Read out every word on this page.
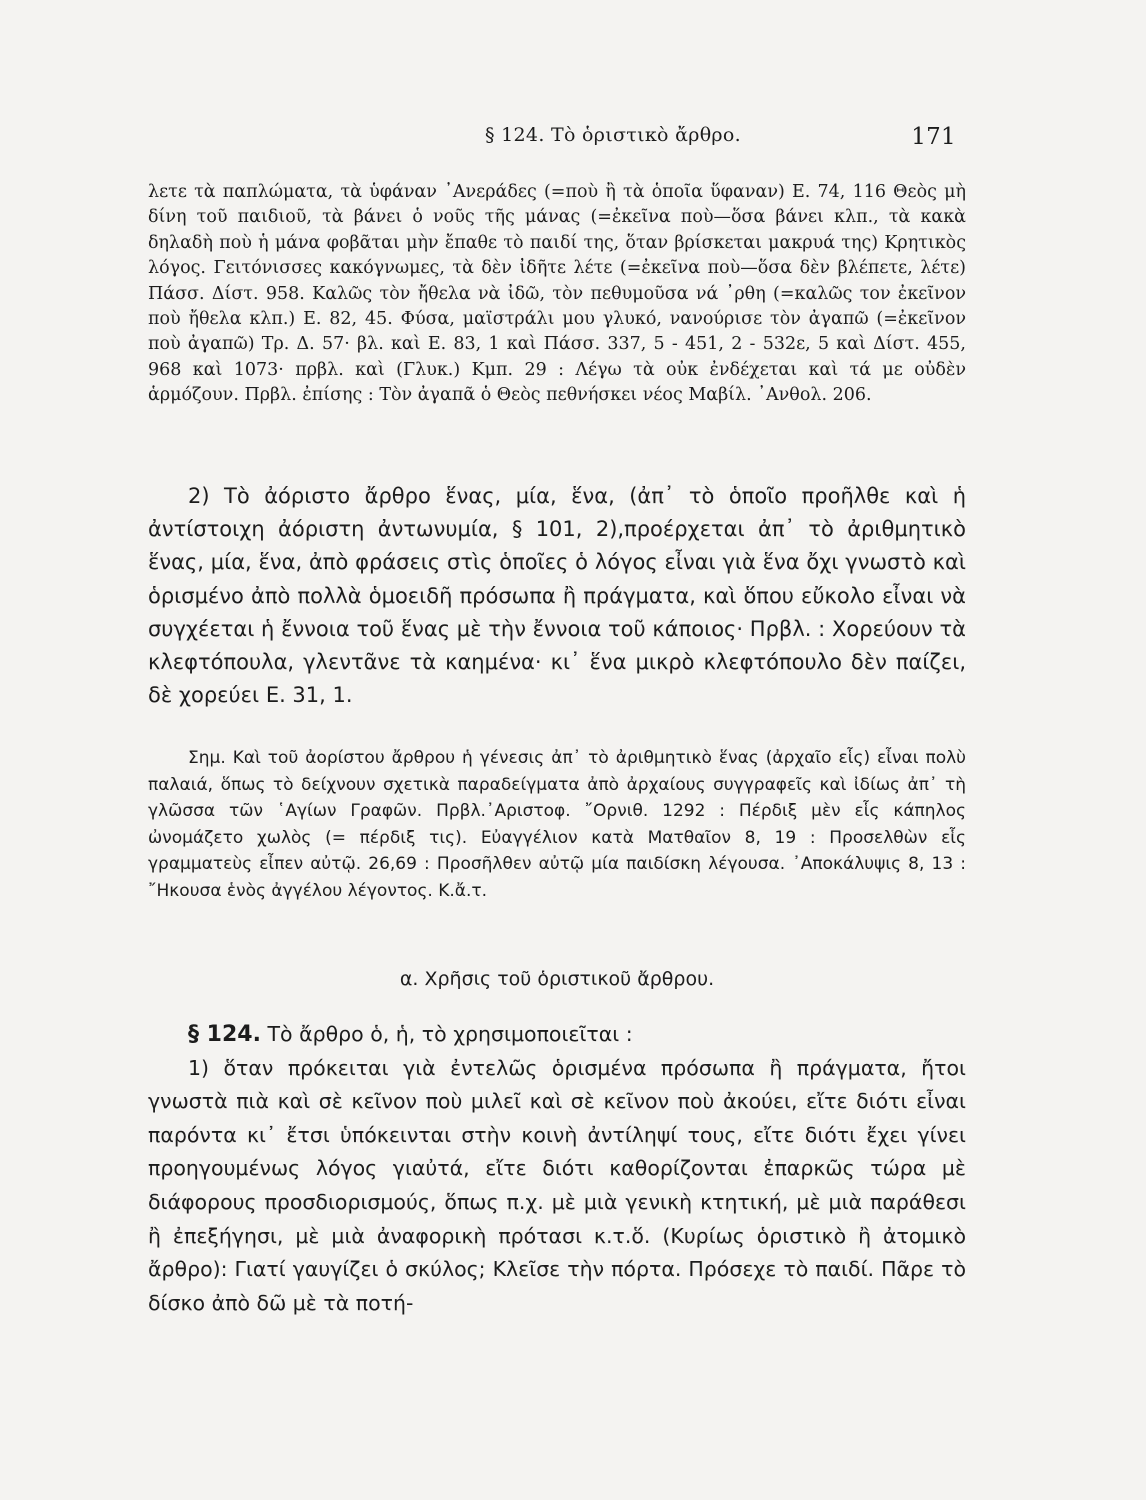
§ 124. Τὸ ὁριστικὸ ἄρθρο.	171

λετε τὰ παπλώματα, τὰ ὑφάναν ᾿Ανεράδες (=ποὺ ἢ τὰ ὁποῖα ὕφαναν) Ε. 74, 116 Θεὸς μὴ δίνη τοῦ παιδιοῦ, τὰ βάνει ὁ νοῦς τῆς μάνας (=ἐκεῖνα ποὺ—ὅσα βάνει κλπ., τὰ κακὰ δηλαδὴ ποὺ ἡ μάνα φοβᾶται μὴν ἔπαθε τὸ παιδί της, ὅταν βρίσκεται μακρυά της) Κρητικὸς λόγος. Γειτόνισσες κακόγνωμες, τὰ δὲν ἰδῆτε λέτε (=ἐκεῖνα ποὺ—ὅσα δὲν βλέπετε, λέτε) Πάσσ. Δίστ. 958. Καλῶς τὸν ἤθελα νὰ ἰδῶ, τὸν πεθυμοῦσα νά ᾿ρθη (=καλῶς τον ἐκεῖνον ποὺ ἤθελα κλπ.) Ε. 82, 45. Φύσα, μαϊστράλι μου γλυκό, νανούρισε τὸν ἀγαπῶ (=ἐκεῖνον ποὺ ἀγαπῶ) Τρ. Δ. 57· βλ. καὶ Ε. 83, 1 καὶ Πάσσ. 337, 5 - 451, 2 - 532ε, 5 καὶ Δίστ. 455, 968 καὶ 1073· πρβλ. καὶ (Γλυκ.) Κμπ. 29 : Λέγω τὰ οὐκ ἐνδέχεται καὶ τά με οὐδὲν ἁρμόζουν. Πρβλ. ἐπίσης : Τὸν ἀγαπᾶ ὁ Θεὸς πεθνήσκει νέος Μαβίλ. ᾿Ανθολ. 206.

2) Τὸ ἀόριστο ἄρθρο ἕνας, μία, ἕνα, (ἀπ᾿ τὸ ὁποῖο προῆλθε καὶ ἡ ἀντίστοιχη ἀόριστη ἀντωνυμία, § 101, 2),προέρχεται ἀπ᾿ τὸ ἀριθμητικὸ ἕνας, μία, ἕνα, ἀπὸ φράσεις στὶς ὁποῖες ὁ λόγος εἶναι γιὰ ἕνα ὄχι γνωστὸ καὶ ὁρισμένο ἀπὸ πολλὰ ὁμοειδῆ πρόσωπα ἢ πράγματα, καὶ ὅπου εὔκολο εἶναι νὰ συγχέεται ἡ ἔννοια τοῦ ἕνας μὲ τὴν ἔννοια τοῦ κάποιος· Πρβλ. : Χορεύουν τὰ κλεφτόπουλα, γλεντᾶνε τὰ καημένα· κι᾿ ἕνα μικρὸ κλεφτόπουλο δὲν παίζει, δὲ χορεύει Ε. 31, 1.

Σημ. Καὶ τοῦ ἀορίστου ἄρθρου ἡ γένεσις ἀπ᾿ τὸ ἀριθμητικὸ ἕνας (ἀρχαῖο εἷς) εἶναι πολὺ παλαιά, ὅπως τὸ δείχνουν σχετικὰ παραδείγματα ἀπὸ ἀρχαίους συγγραφεῖς καὶ ἰδίως ἀπ᾿ τὴ γλῶσσα τῶν ῾Αγίων Γραφῶν. Πρβλ.᾿Αριστοφ. ῎Ορνιθ. 1292 : Πέρδιξ μὲν εἷς κάπηλος ὠνομάζετο χωλὸς (= πέρδιξ τις). Εὐαγγέλιον κατὰ Ματθαῖον 8, 19 : Προσελθὼν εἷς γραμματεὺς εἶπεν αὐτῷ. 26,69 : Προσῆλθεν αὐτῷ μία παιδίσκη λέγουσα. ᾿Αποκάλυψις 8, 13 : ῎Ηκουσα ἑνὸς ἀγγέλου λέγοντος. Κ.ἄ.τ.

α. Χρῆσις τοῦ ὁριστικοῦ ἄρθρου.

§ 124. Τὸ ἄρθρο ὁ, ἡ, τὸ χρησιμοποιεῖται :

1) ὅταν πρόκειται γιὰ ἐντελῶς ὁρισμένα πρόσωπα ἢ πράγματα, ἤτοι γνωστὰ πιὰ καὶ σὲ κεῖνον ποὺ μιλεῖ καὶ σὲ κεῖνον ποὺ ἀκούει, εἴτε διότι εἶναι παρόντα κι᾿ ἔτσι ὑπόκεινται στὴν κοινὴ ἀντίληψί τους, εἴτε διότι ἔχει γίνει προηγουμένως λόγος γιαὐτά, εἴτε διότι καθορίζονται ἐπαρκῶς τώρα μὲ διάφορους προσδιορισμούς, ὅπως π.χ. μὲ μιὰ γενικὴ κτητική, μὲ μιὰ παράθεσι ἢ ἐπεξήγησι, μὲ μιὰ ἀναφορικὴ πρότασι κ.τ.ὅ. (Κυρίως ὁριστικὸ ἢ ἀτομικὸ ἄρθρο): Γιατί γαυγίζει ὁ σκύλος; Κλεῖσε τὴν πόρτα. Πρόσεχε τὸ παιδί. Πᾶρε τὸ δίσκο ἀπὸ δῶ μὲ τὰ ποτή-
